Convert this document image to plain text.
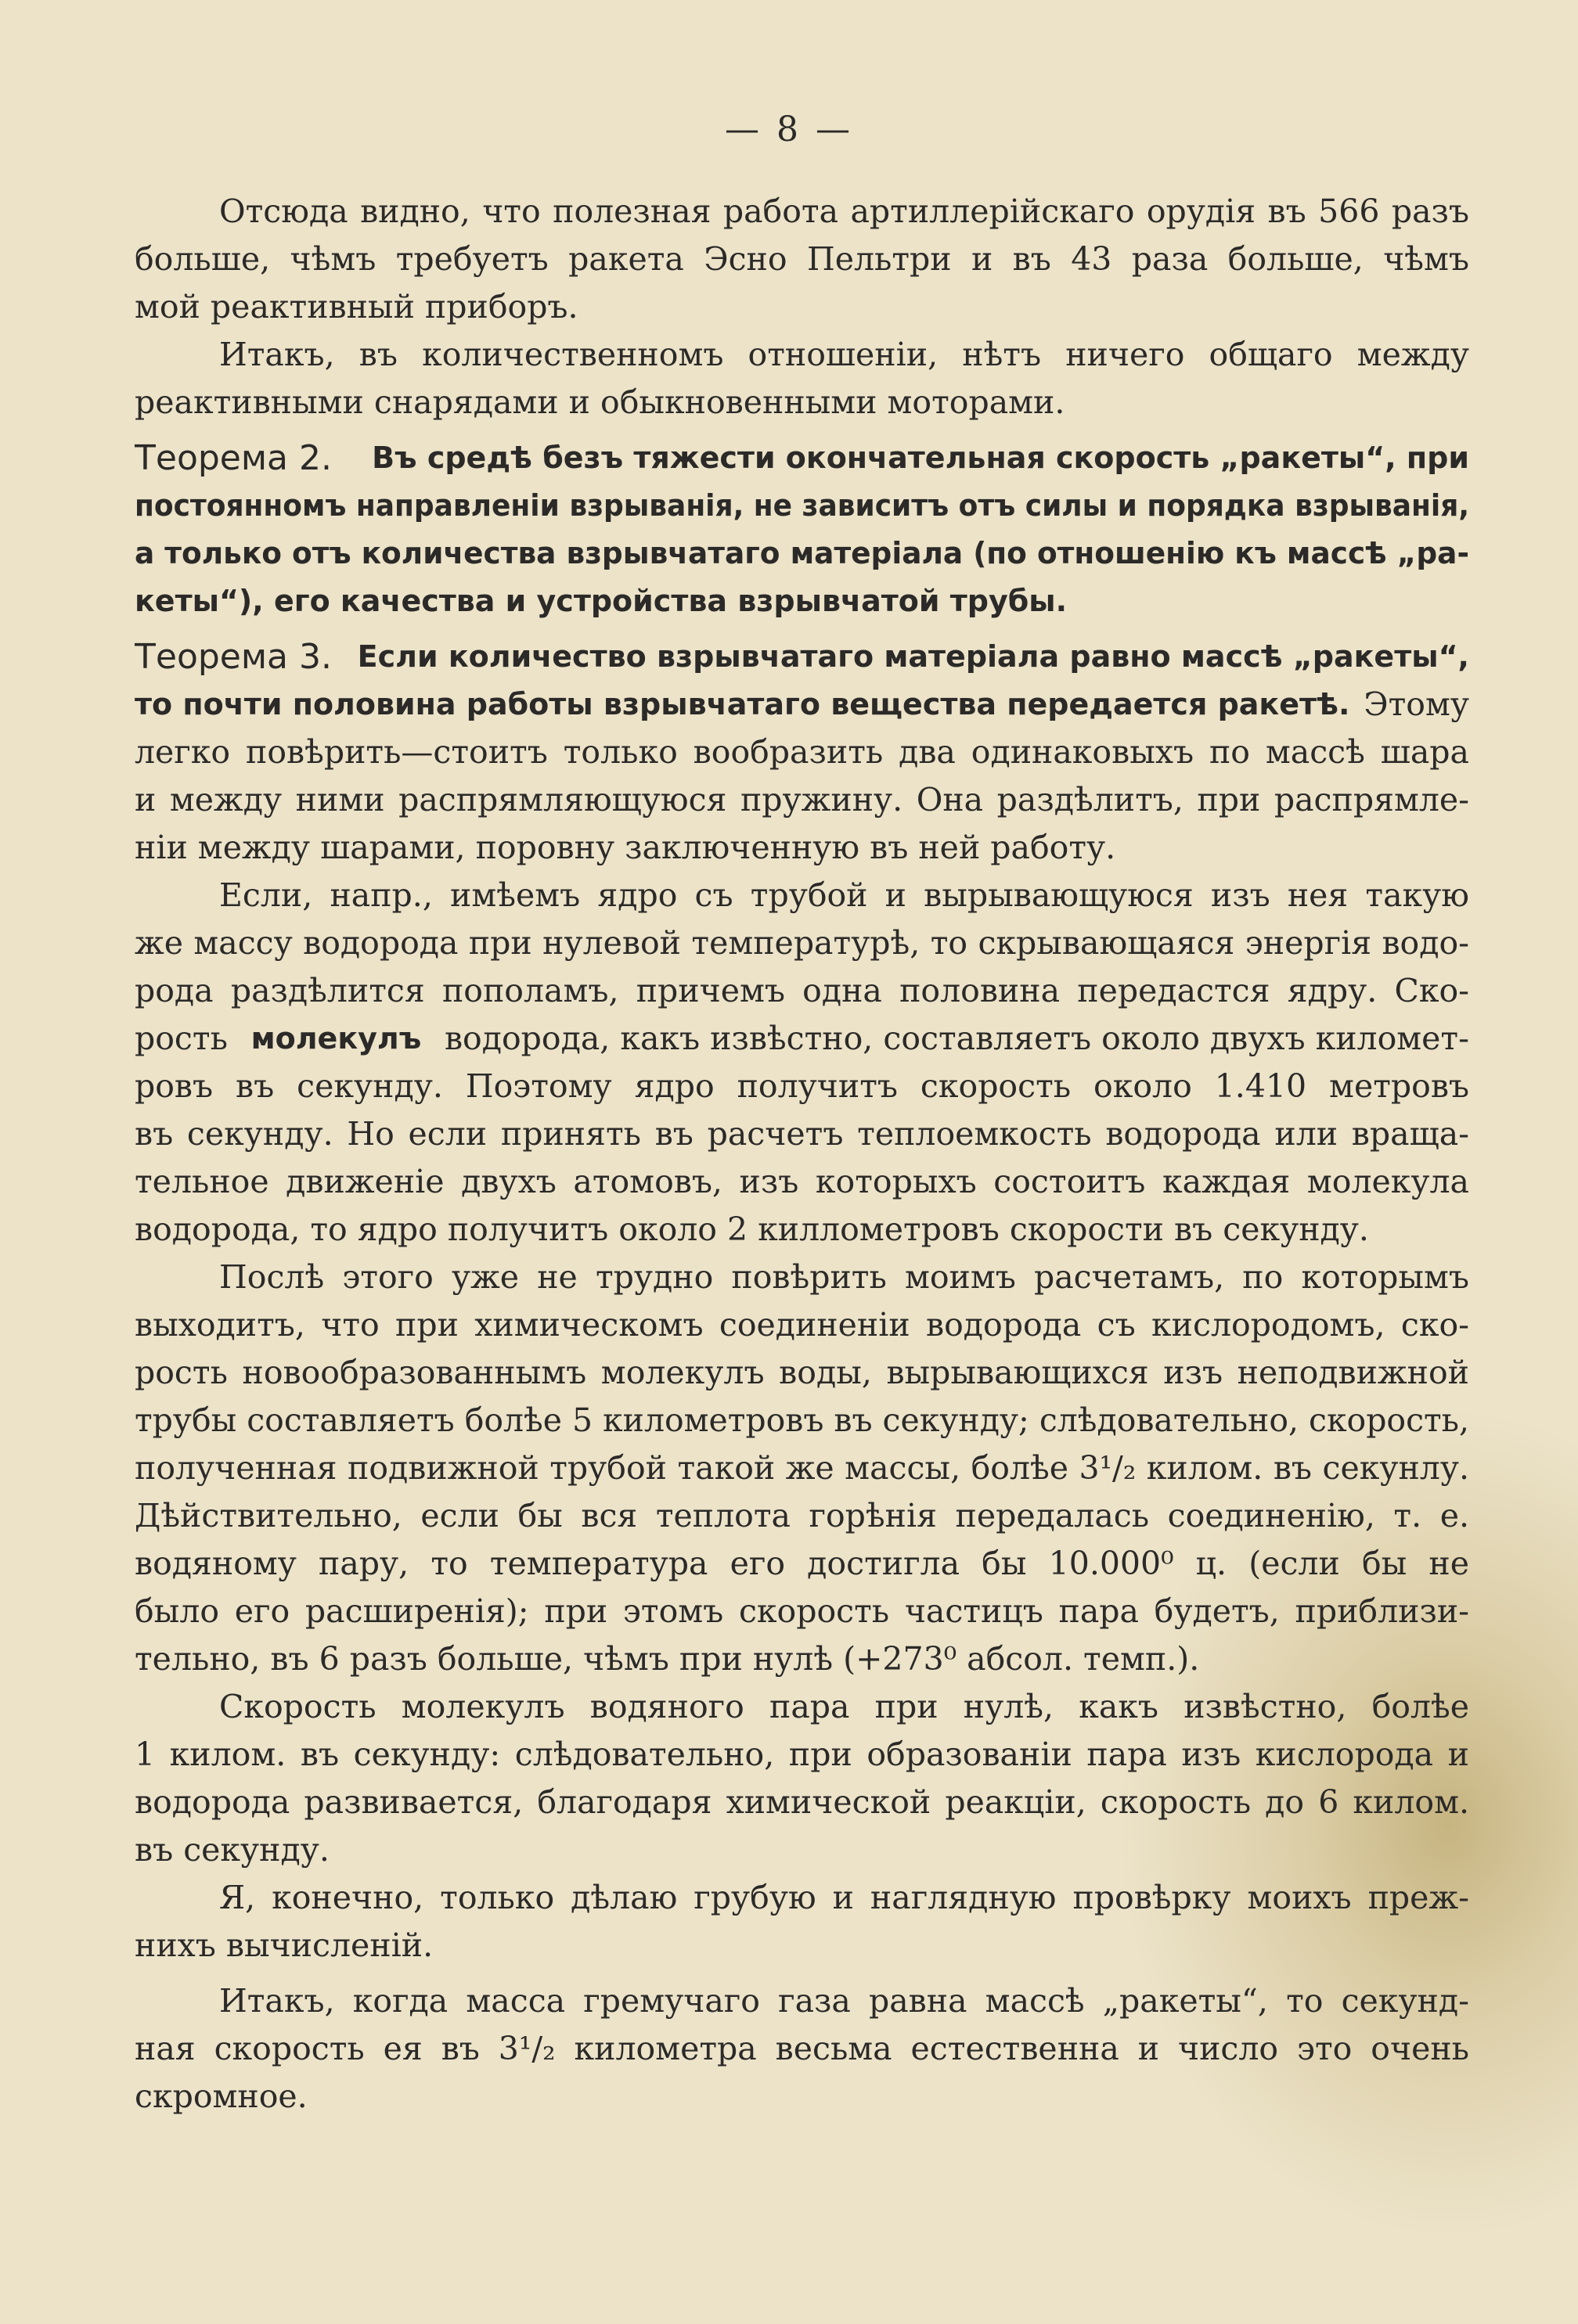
— 8 —
Отсюда видно, что полезная работа артиллерійскаго орудія въ 566 разъ
больше, чѣмъ требуетъ ракета Эсно Пельтри и въ 43 раза больше, чѣмъ
мой реактивный приборъ.
Итакъ, въ количественномъ отношеніи, нѣтъ ничего общаго между
реактивными снарядами и обыкновенными моторами.
Теорема 2. Въ средѣ безъ тяжести окончательная скорость „ракеты“, при
постоянномъ направленіи взрыванія, не зависитъ отъ силы и порядка взрыванія,
а только отъ количества взрывчатаго матеріала (по отношенію къ массѣ „ра-
кеты“), его качества и устройства взрывчатой трубы.
Теорема 3. Если количество взрывчатаго матеріала равно массѣ „ракеты“,
то почти половина работы взрывчатаго вещества передается ракетѣ. Этому
легко повѣрить—стоитъ только вообразить два одинаковыхъ по массѣ шара
и между ними распрямляющуюся пружину. Она раздѣлитъ, при распрямле-
ніи между шарами, поровну заключенную въ ней работу.
Если, напр., имѣемъ ядро съ трубой и вырывающуюся изъ нея такую
же массу водорода при нулевой температурѣ, то скрывающаяся энергія водо-
рода раздѣлится пополамъ, причемъ одна половина передастся ядру. Ско-
рость молекулъ водорода, какъ извѣстно, составляетъ около двухъ километ-
ровъ въ секунду. Поэтому ядро получитъ скорость около 1.410 метровъ
въ секунду. Но если принять въ расчетъ теплоемкость водорода или враща-
тельное движеніе двухъ атомовъ, изъ которыхъ состоитъ каждая молекула
водорода, то ядро получитъ около 2 киллометровъ скорости въ секунду.
Послѣ этого уже не трудно повѣрить моимъ расчетамъ, по которымъ
выходитъ, что при химическомъ соединеніи водорода съ кислородомъ, ско-
рость новообразованнымъ молекулъ воды, вырывающихся изъ неподвижной
трубы составляетъ болѣе 5 километровъ въ секунду; слѣдовательно, скорость,
полученная подвижной трубой такой же массы, болѣе 3¹/₂ килом. въ секунлу.
Дѣйствительно, если бы вся теплота горѣнія передалась соединенію, т. е.
водяному пару, то температура его достигла бы 10.000⁰ ц. (если бы не
было его расширенія); при этомъ скорость частицъ пара будетъ, приблизи-
тельно, въ 6 разъ больше, чѣмъ при нулѣ (+273⁰ абсол. темп.).
Скорость молекулъ водяного пара при нулѣ, какъ извѣстно, болѣе
1 килом. въ секунду: слѣдовательно, при образованіи пара изъ кислорода и
водорода развивается, благодаря химической реакціи, скорость до 6 килом.
въ секунду.
Я, конечно, только дѣлаю грубую и наглядную провѣрку моихъ преж-
нихъ вычисленій.
Итакъ, когда масса гремучаго газа равна массѣ „ракеты“, то секунд-
ная скорость ея въ 3¹/₂ километра весьма естественна и число это очень
скромное.
